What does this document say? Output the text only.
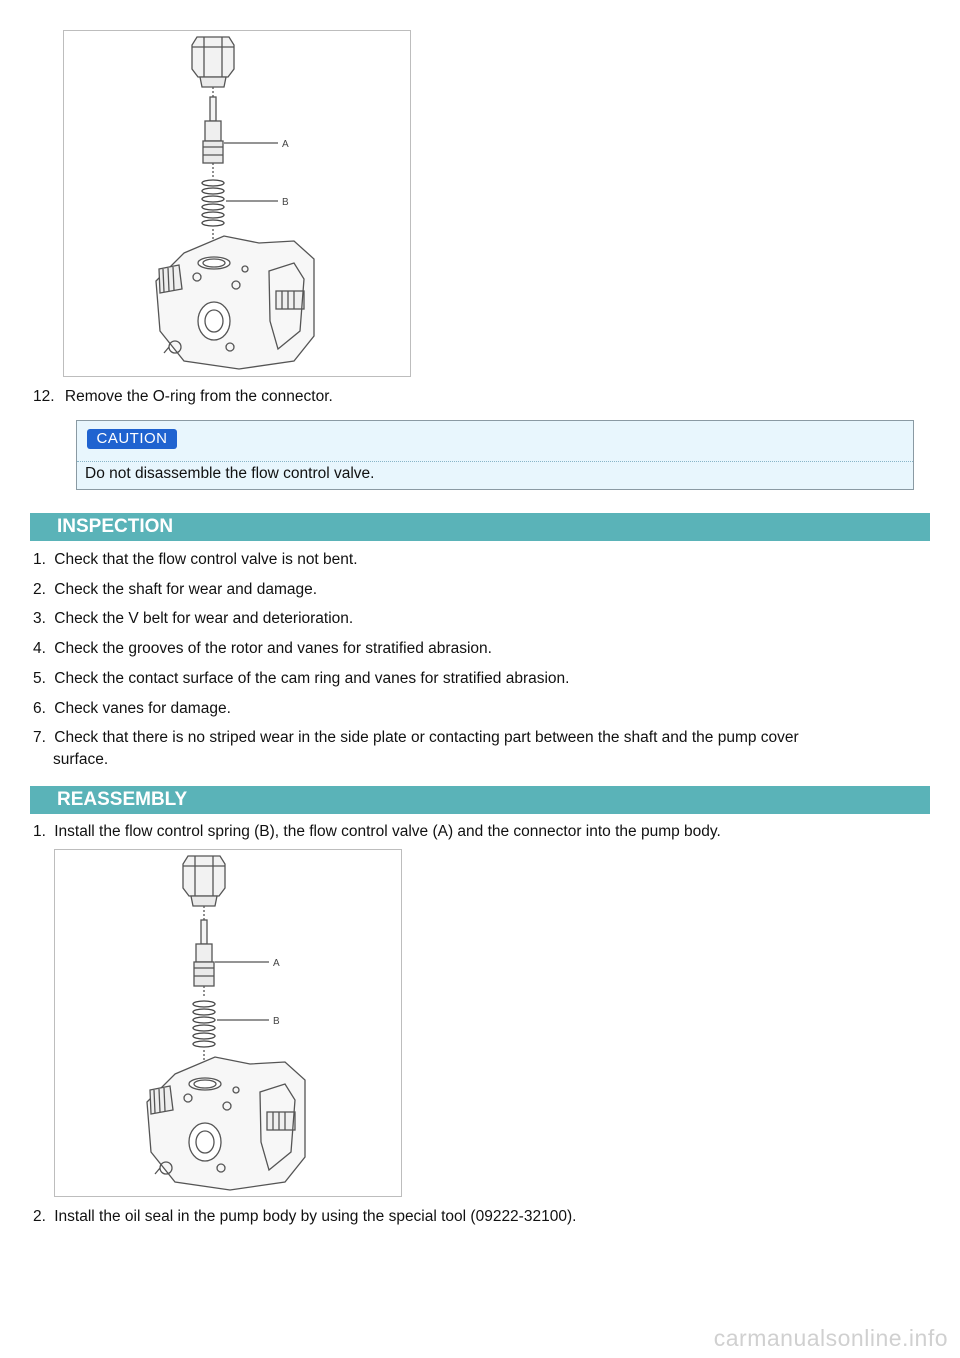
A
B
12. Remove the O-ring from the connector.
CAUTION
Do not disassemble the flow control valve.
INSPECTION
1. Check that the flow control valve is not bent.
2. Check the shaft for wear and damage.
3. Check the V belt for wear and deterioration.
4. Check the grooves of the rotor and vanes for stratified abrasion.
5. Check the contact surface of the cam ring and vanes for stratified abrasion.
6. Check vanes for damage.
7. Check that there is no striped wear in the side plate or contacting part between the shaft and the pump cover
surface.
REASSEMBLY
1. Install the flow control spring (B), the flow control valve (A) and the connector into the pump body.
A
B
2. Install the oil seal in the pump body by using the special tool (09222-32100).
carmanualsonline.info
